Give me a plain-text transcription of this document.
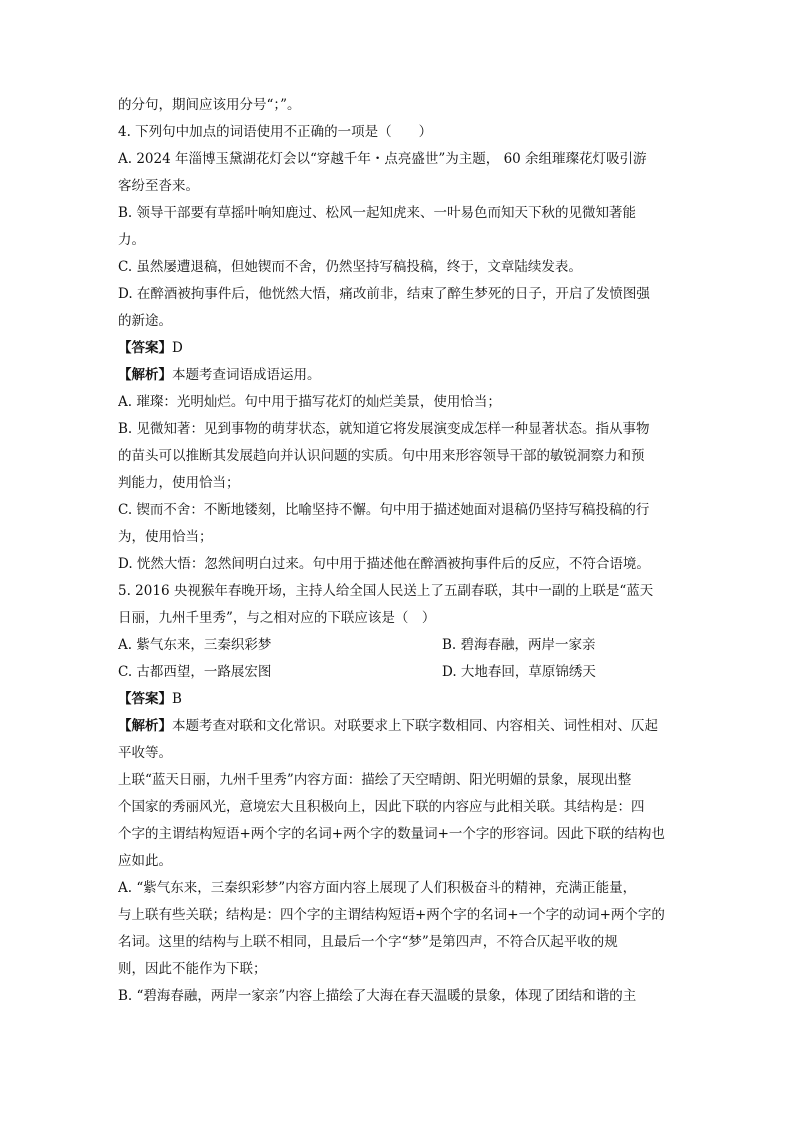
的分句，期间应该用分号“；”。
4. 下列句中加点的词语使用不正确的一项是（　　）
A. 2024 年淄博玉黛湖花灯会以“穿越千年・点亮盛世”为主题， 60 余组璀璨花灯吸引游
客纷至沓来。
B. 领导干部要有草摇叶响知鹿过、松风一起知虎来、一叶易色而知天下秋的见微知著能
力。
C. 虽然屡遭退稿，但她锲而不舍，仍然坚持写稿投稿，终于，文章陆续发表。
D. 在醉酒被拘事件后，他恍然大悟，痛改前非，结束了醉生梦死的日子，开启了发愤图强
的新途。
【答案】D
【解析】本题考查词语成语运用。
A. 璀璨：光明灿烂。句中用于描写花灯的灿烂美景，使用恰当；
B. 见微知著：见到事物的萌芽状态，就知道它将发展演变成怎样一种显著状态。指从事物
的苗头可以推断其发展趋向并认识问题的实质。句中用来形容领导干部的敏锐洞察力和预
判能力，使用恰当；
C. 锲而不舍：不断地镂刻，比喻坚持不懈。句中用于描述她面对退稿仍坚持写稿投稿的行
为，使用恰当；
D. 恍然大悟：忽然间明白过来。句中用于描述他在醉酒被拘事件后的反应，不符合语境。
5. 2016 央视猴年春晚开场，主持人给全国人民送上了五副春联，其中一副的上联是“蓝天
日丽，九州千里秀”，与之相对应的下联应该是（　）
A. 紫气东来，三秦织彩梦	B. 碧海春融，两岸一家亲
C. 古都西望，一路展宏图	D. 大地春回，草原锦绣天
【答案】B
【解析】本题考查对联和文化常识。对联要求上下联字数相同、内容相关、词性相对、仄起
平收等。
上联“蓝天日丽，九州千里秀”内容方面：描绘了天空晴朗、阳光明媚的景象，展现出整
个国家的秀丽风光，意境宏大且积极向上，因此下联的内容应与此相关联。其结构是：四
个字的主谓结构短语+两个字的名词+两个字的数量词+一个字的形容词。因此下联的结构也
应如此。
A. “紫气东来，三秦织彩梦”内容方面内容上展现了人们积极奋斗的精神，充满正能量，
与上联有些关联；结构是：四个字的主谓结构短语+两个字的名词+一个字的动词+两个字的
名词。这里的结构与上联不相同，且最后一个字“梦”是第四声，不符合仄起平收的规
则，因此不能作为下联；
B. “碧海春融，两岸一家亲”内容上描绘了大海在春天温暖的景象，体现了团结和谐的主
